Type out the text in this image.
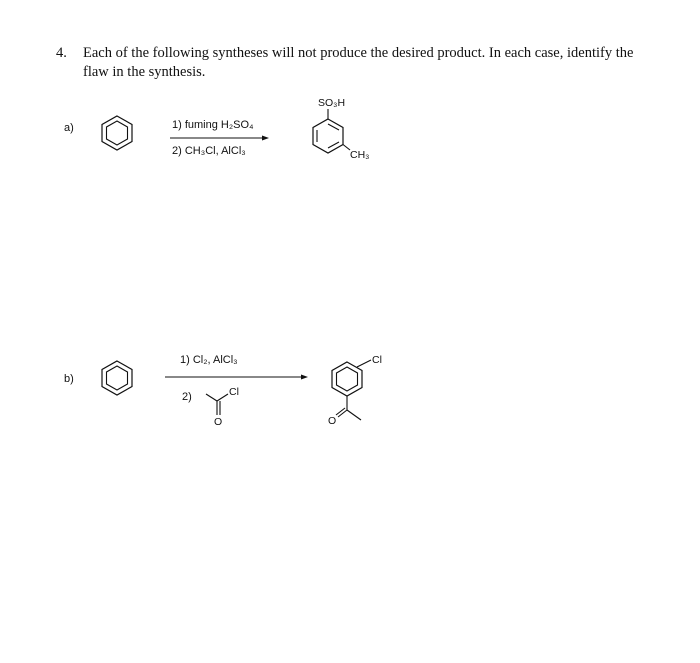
4. Each of the following syntheses will not produce the desired product. In each case, identify the flaw in the synthesis.
a)	1) fuming H₂SO₄
2) CH₃Cl, AlCl₃
SO₃H
CH₃
b)
1) Cl₂, AlCl₃
2)	Cl
O
Cl
O
